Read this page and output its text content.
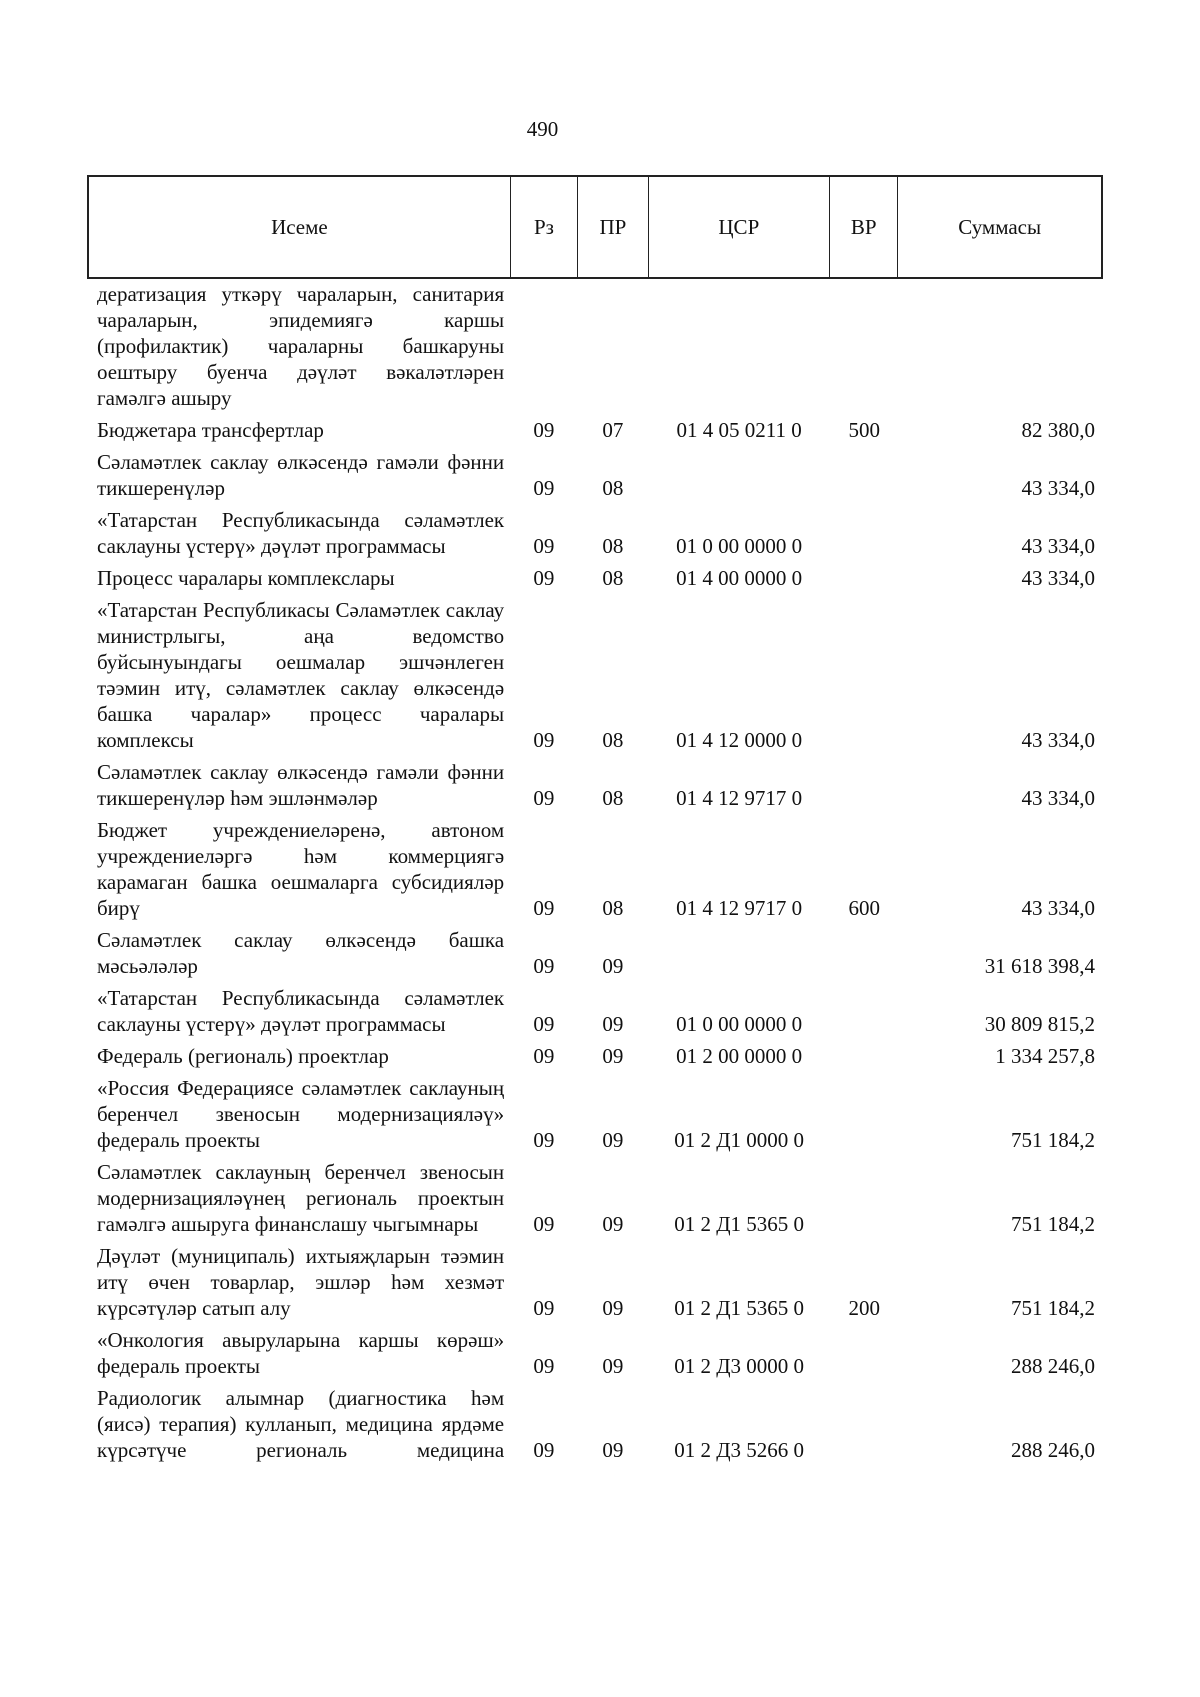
490
Исеме	Рз	ПР	ЦСР	ВР	Суммасы
дератизация уткәрү чараларын, санитария чараларын, эпидемиягә каршы (профилактик) чараларны башкаруны оештыру буенча дәүләт вәкаләтләрен гамәлгә ашыру					
Бюджетара трансфертлар	09	07	01 4 05 0211 0	500	82 380,0
Сәламәтлек саклау өлкәсендә гамәли фәнни тикшеренүләр	09	08			43 334,0
«Татарстан Республикасында сәламәтлек саклауны үстерү» дәүләт программасы	09	08	01 0 00 0000 0		43 334,0
Процесс чаралары комплекслары	09	08	01 4 00 0000 0		43 334,0
«Татарстан Республикасы Сәламәтлек саклау министрлыгы, аңа ведомство буйсынуындагы оешмалар эшчәнлеген тәэмин итү, сәламәтлек саклау өлкәсендә башка чаралар» процесс чаралары комплексы	09	08	01 4 12 0000 0		43 334,0
Сәламәтлек саклау өлкәсендә гамәли фәнни тикшеренүләр һәм эшләнмәләр	09	08	01 4 12 9717 0		43 334,0
Бюджет учреждениеләренә, автоном учреждениеләргә һәм коммерциягә карамаган башка оешмаларга субсидияләр бирү	09	08	01 4 12 9717 0	600	43 334,0
Сәламәтлек саклау өлкәсендә башка мәсьәләләр	09	09			31 618 398,4
«Татарстан Республикасында сәламәтлек саклауны үстерү» дәүләт программасы	09	09	01 0 00 0000 0		30 809 815,2
Федераль (региональ) проектлар	09	09	01 2 00 0000 0		1 334 257,8
«Россия Федерациясе сәламәтлек саклауның беренчел звеносын модернизацияләү» федераль проекты	09	09	01 2 Д1 0000 0		751 184,2
Сәламәтлек саклауның беренчел звеносын модернизацияләүнең региональ проектын гамәлгә ашыруга финанслашу чыгымнары	09	09	01 2 Д1 5365 0		751 184,2
Дәүләт (муниципаль) ихтыяҗларын тәэмин итү өчен товарлар, эшләр һәм хезмәт күрсәтүләр сатып алу	09	09	01 2 Д1 5365 0	200	751 184,2
«Онкология авыруларына каршы көрәш» федераль проекты	09	09	01 2 Д3 0000 0		288 246,0
Радиологик алымнар (диагностика һәм (яисә) терапия) кулланып, медицина ярдәме күрсәтүче региональ медицина	09	09	01 2 Д3 5266 0		288 246,0
